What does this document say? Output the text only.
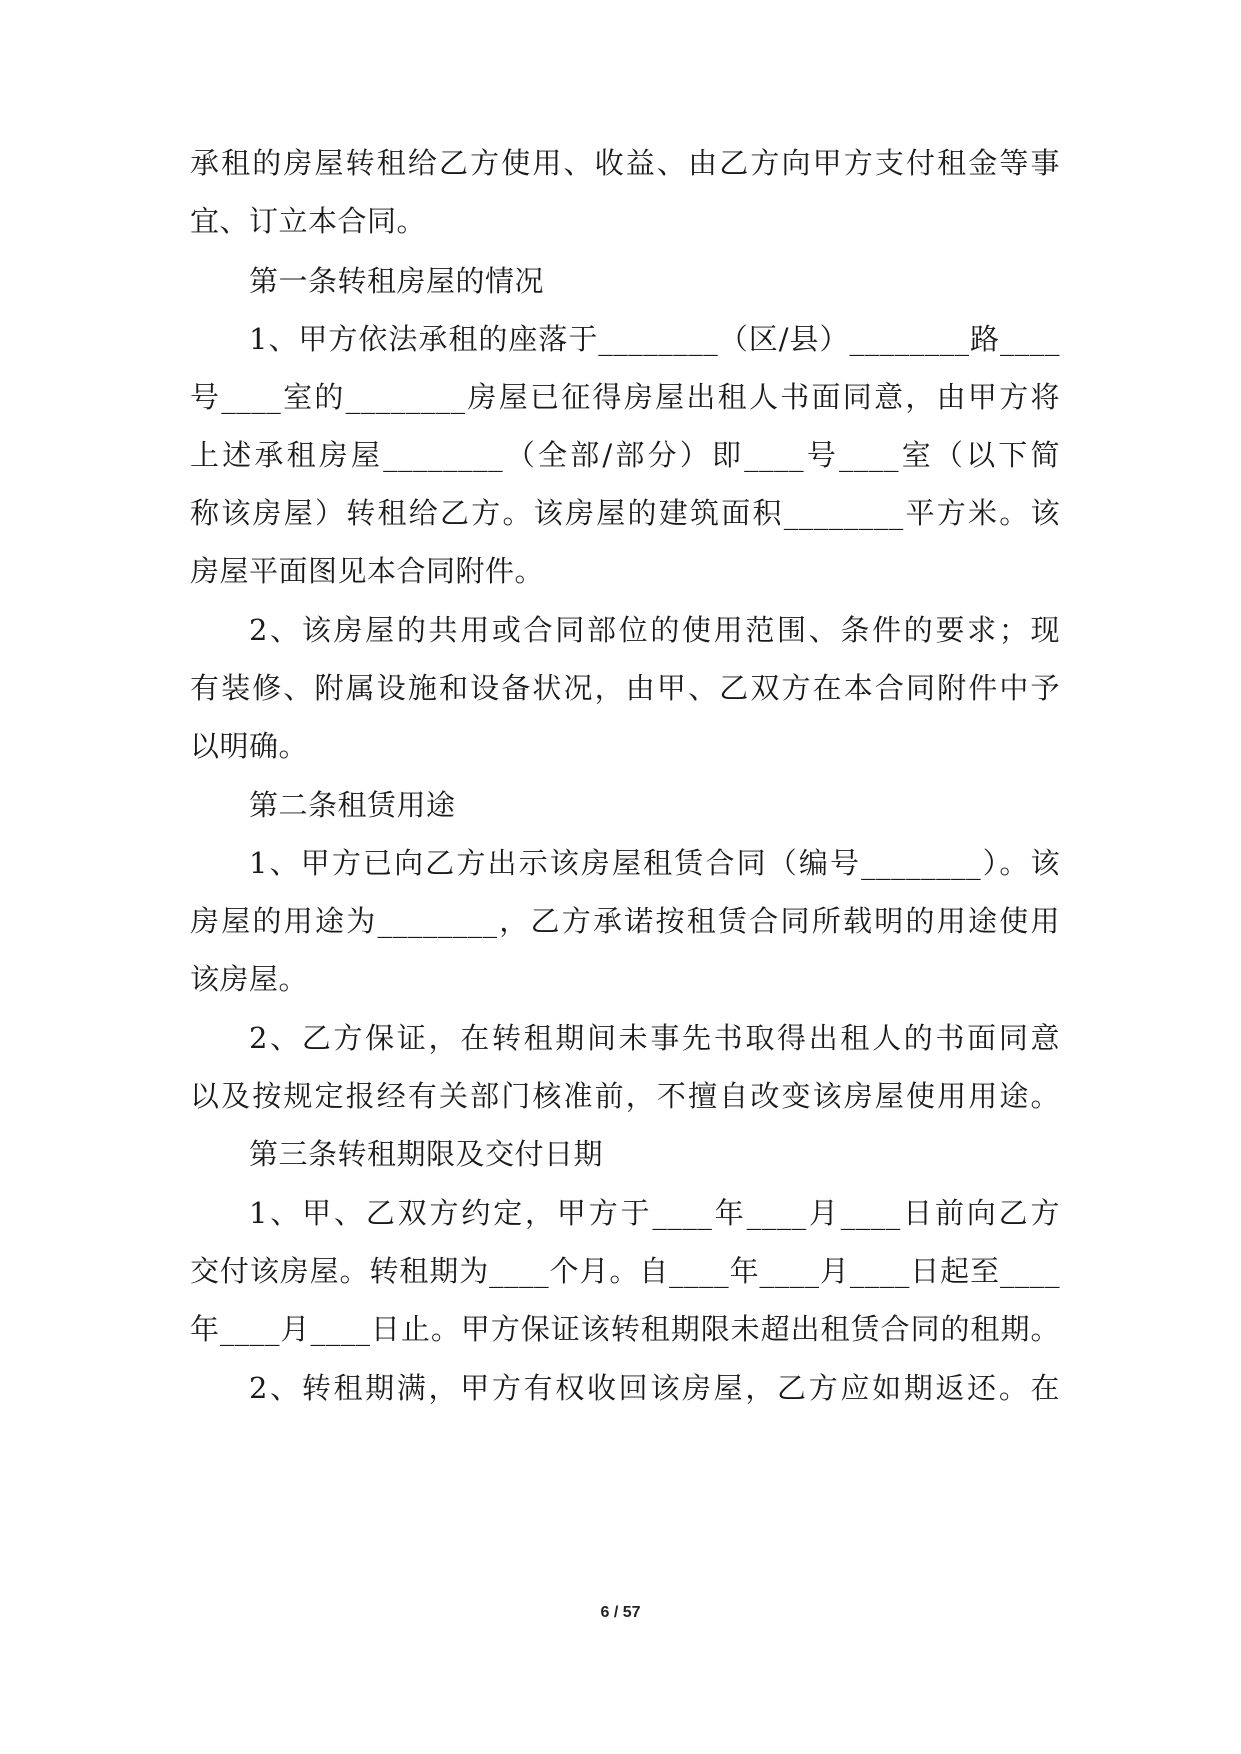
承租的房屋转租给乙方使用、收益、由乙方向甲方支付租金等事
宜、订立本合同。
第一条转租房屋的情况
1、甲方依法承租的座落于________（区/县）________路____
号____室的________房屋已征得房屋出租人书面同意，由甲方将
上述承租房屋________（全部/部分）即____号____室（以下简
称该房屋）转租给乙方。该房屋的建筑面积________平方米。该
房屋平面图见本合同附件。
2、该房屋的共用或合同部位的使用范围、条件的要求；现
有装修、附属设施和设备状况，由甲、乙双方在本合同附件中予
以明确。
第二条租赁用途
1、甲方已向乙方出示该房屋租赁合同（编号________）。该
房屋的用途为________，乙方承诺按租赁合同所载明的用途使用
该房屋。
2、乙方保证，在转租期间未事先书取得出租人的书面同意
以及按规定报经有关部门核准前，不擅自改变该房屋使用用途。
第三条转租期限及交付日期
1、甲、乙双方约定，甲方于____年____月____日前向乙方
交付该房屋。转租期为____个月。自____年____月____日起至____
年____月____日止。甲方保证该转租期限未超出租赁合同的租期。
2、转租期满，甲方有权收回该房屋，乙方应如期返还。在
6 / 57
